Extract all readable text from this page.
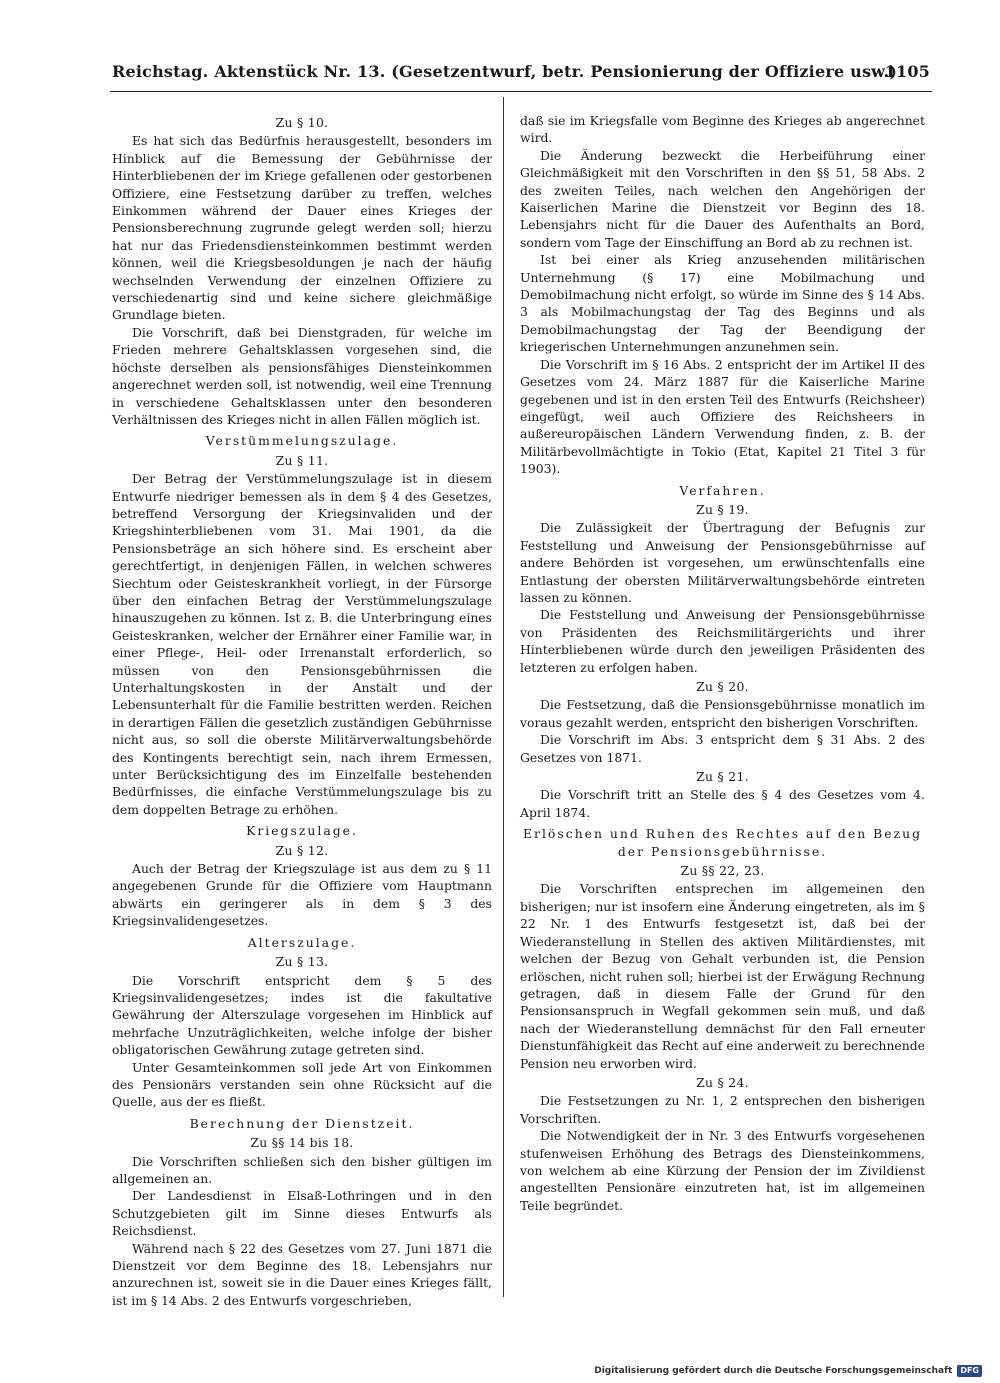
Reichstag. Aktenstück Nr. 13. (Gesetzentwurf, betr. Pensionierung der Offiziere usw.)
1105
Zu § 10.

Es hat sich das Bedürfnis herausgestellt, besonders im Hinblick auf die Bemessung der Gebührnisse der Hinterbliebenen der im Kriege gefallenen oder gestorbenen Offiziere, eine Festsetzung darüber zu treffen, welches Einkommen während der Dauer eines Krieges der Pensionsberechnung zugrunde gelegt werden soll; hierzu hat nur das Friedensdiensteinkommen bestimmt werden können, weil die Kriegsbesoldungen je nach der häufig wechselnden Verwendung der einzelnen Offiziere zu verschiedenartig sind und keine sichere gleichmäßige Grundlage bieten.

Die Vorschrift, daß bei Dienstgraden, für welche im Frieden mehrere Gehaltsklassen vorgesehen sind, die höchste derselben als pensionsfähiges Diensteinkommen angerechnet werden soll, ist notwendig, weil eine Trennung in verschiedene Gehaltsklassen unter den besonderen Verhältnissen des Krieges nicht in allen Fällen möglich ist.

Verstümmelungszulage.
Zu § 11.

Der Betrag der Verstümmelungszulage ist in diesem Entwurfe niedriger bemessen als in dem § 4 des Gesetzes, betreffend Versorgung der Kriegsinvaliden und der Kriegshinterbliebenen vom 31. Mai 1901, da die Pensionsbeträge an sich höhere sind. Es erscheint aber gerechtfertigt, in denjenigen Fällen, in welchen schweres Siechtum oder Geisteskrankheit vorliegt, in der Fürsorge über den einfachen Betrag der Verstümmelungszulage hinauszugehen zu können. Ist z. B. die Unterbringung eines Geisteskranken, welcher der Ernährer einer Familie war, in einer Pflege-, Heil- oder Irrenanstalt erforderlich, so müssen von den Pensionsgebührnissen die Unterhaltungskosten in der Anstalt und der Lebensunterhalt für die Familie bestritten werden. Reichen in derartigen Fällen die gesetzlich zuständigen Gebührnisse nicht aus, so soll die oberste Militärverwaltungsbehörde des Kontingents berechtigt sein, nach ihrem Ermessen, unter Berücksichtigung des im Einzelfalle bestehenden Bedürfnisses, die einfache Verstümmelungszulage bis zu dem doppelten Betrage zu erhöhen.

Kriegszulage.
Zu § 12.

Auch der Betrag der Kriegszulage ist aus dem zu § 11 angegebenen Grunde für die Offiziere vom Hauptmann abwärts ein geringerer als in dem § 3 des Kriegsinvalidengesetzes.

Alterszulage.
Zu § 13.

Die Vorschrift entspricht dem § 5 des Kriegsinvalidengesetzes; indes ist die fakultative Gewährung der Alterszulage vorgesehen im Hinblick auf mehrfache Unzuträglichkeiten, welche infolge der bisher obligatorischen Gewährung zutage getreten sind.

Unter Gesamteinkommen soll jede Art von Einkommen des Pensionärs verstanden sein ohne Rücksicht auf die Quelle, aus der es fließt.

Berechnung der Dienstzeit.
Zu §§ 14 bis 18.

Die Vorschriften schließen sich den bisher gültigen im allgemeinen an.

Der Landesdienst in Elsaß-Lothringen und in den Schutzgebieten gilt im Sinne dieses Entwurfs als Reichsdienst.

Während nach § 22 des Gesetzes vom 27. Juni 1871 die Dienstzeit vor dem Beginne des 18. Lebensjahrs nur anzurechnen ist, soweit sie in die Dauer eines Krieges fällt, ist im § 14 Abs. 2 des Entwurfs vorgeschrieben,

daß sie im Kriegsfalle vom Beginne des Krieges ab angerechnet wird.

Die Änderung bezweckt die Herbeiführung einer Gleichmäßigkeit mit den Vorschriften in den §§ 51, 58 Abs. 2 des zweiten Teiles, nach welchen den Angehörigen der Kaiserlichen Marine die Dienstzeit vor Beginn des 18. Lebensjahrs nicht für die Dauer des Aufenthalts an Bord, sondern vom Tage der Einschiffung an Bord ab zu rechnen ist.

Ist bei einer als Krieg anzusehenden militärischen Unternehmung (§ 17) eine Mobilmachung und Demobilmachung nicht erfolgt, so würde im Sinne des § 14 Abs. 3 als Mobilmachungstag der Tag des Beginns und als Demobilmachungstag der Tag der Beendigung der kriegerischen Unternehmungen anzunehmen sein.

Die Vorschrift im § 16 Abs. 2 entspricht der im Artikel II des Gesetzes vom 24. März 1887 für die Kaiserliche Marine gegebenen und ist in den ersten Teil des Entwurfs (Reichsheer) eingefügt, weil auch Offiziere des Reichsheers in außereuropäischen Ländern Verwendung finden, z. B. der Militärbevollmächtigte in Tokio (Etat, Kapitel 21 Titel 3 für 1903).

Verfahren.
Zu § 19.

Die Zulässigkeit der Übertragung der Befugnis zur Feststellung und Anweisung der Pensionsgebührnisse auf andere Behörden ist vorgesehen, um erwünschtenfalls eine Entlastung der obersten Militärverwaltungsbehörde eintreten lassen zu können.

Die Feststellung und Anweisung der Pensionsgebührnisse von Präsidenten des Reichsmilitärgerichts und ihrer Hinterbliebenen würde durch den jeweiligen Präsidenten des letzteren zu erfolgen haben.

Zu § 20.

Die Festsetzung, daß die Pensionsgebührnisse monatlich im voraus gezahlt werden, entspricht den bisherigen Vorschriften.

Die Vorschrift im Abs. 3 entspricht dem § 31 Abs. 2 des Gesetzes von 1871.

Zu § 21.

Die Vorschrift tritt an Stelle des § 4 des Gesetzes vom 4. April 1874.

Erlöschen und Ruhen des Rechtes auf den Bezug der Pensionsgebührnisse.
Zu §§ 22, 23.

Die Vorschriften entsprechen im allgemeinen den bisherigen; nur ist insofern eine Änderung eingetreten, als im § 22 Nr. 1 des Entwurfs festgesetzt ist, daß bei der Wiederanstellung in Stellen des aktiven Militärdienstes, mit welchen der Bezug von Gehalt verbunden ist, die Pension erlöschen, nicht ruhen soll; hierbei ist der Erwägung Rechnung getragen, daß in diesem Falle der Grund für den Pensionsanspruch in Wegfall gekommen sein muß, und daß nach der Wiederanstellung demnächst für den Fall erneuter Dienstunfähigkeit das Recht auf eine anderweit zu berechnende Pension neu erworben wird.

Zu § 24.

Die Festsetzungen zu Nr. 1, 2 entsprechen den bisherigen Vorschriften.

Die Notwendigkeit der in Nr. 3 des Entwurfs vorgesehenen stufenweisen Erhöhung des Betrags des Diensteinkommens, von welchem ab eine Kürzung der Pension der im Zivildienst angestellten Pensionäre einzutreten hat, ist im allgemeinen Teile begründet.

Digitalisierung gefördert durch die Deutsche Forschungsgemeinschaft	DFG
